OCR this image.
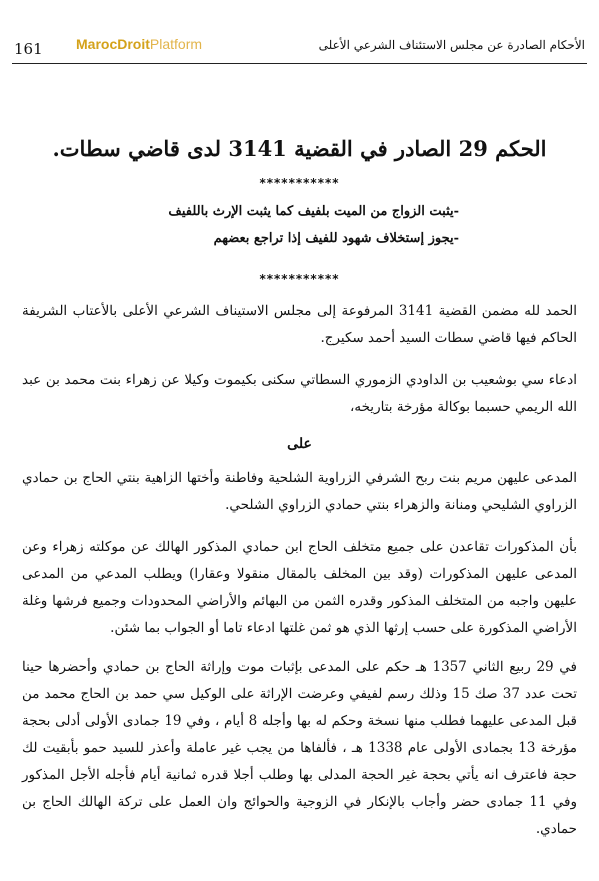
161 MarocDroitPlatform	الأحكام الصادرة عن مجلس الاستئناف الشرعي الأعلى
الحكم 29 الصادر في القضية 3141 لدى قاضي سطات.
***********
-يثبت الزواج من الميت بلفيف كما يثبت الإرث باللفيف
-يجوز إستخلاف شهود للفيف إذا تراجع بعضهم
***********
الحمد لله مضمن القضية 3141 المرفوعة إلى مجلس الاستيناف الشرعي الأعلى بالأعتاب الشريفة الحاكم فيها قاضي سطات السيد أحمد سكيرج.
ادعاء سي بوشعيب بن الداودي الزموري السطاتي سكنى بكيموت وكيلا عن زهراء بنت محمد بن عبد الله الريمي حسبما بوكالة مؤرخة بتاريخه،
على
المدعى عليهن مريم بنت ربح الشرفي الزراوية الشلحية وفاطنة وأختها الزاهية بنتي الحاج بن حمادي الزراوي الشليحي ومنانة والزهراء بنتي حمادي الزراوي الشلحي.
بأن المذكورات تقاعدن على جميع متخلف الحاج ابن حمادي المذكور الهالك عن موكلته زهراء وعن المدعى عليهن المذكورات (وقد بين المخلف بالمقال منقولا وعقارا) ويطلب المدعي من المدعى عليهن واجبه من المتخلف المذكور وقدره الثمن من البهائم والأراضي المحدودات وجميع فرشها وغلة الأراضي المذكورة على حسب إرثها الذي هو ثمن غلتها ادعاء تاما أو الجواب بما شئن.
في 29 ربيع الثاني 1357 هـ حكم على المدعى بإثبات موت وإراثة الحاج بن حمادي وأحضرها حينا تحت عدد 37 صك 15 وذلك رسم لفيفي وعرضت الإراثة على الوكيل سي حمد بن الحاج محمد من قبل المدعى عليهما فطلب منها نسخة وحكم له بها وأجله 8 أيام ، وفي 19 جمادى الأولى أدلى بحجة مؤرخة 13 بجمادى الأولى عام 1338 هـ ، فألفاها من يجب غير عاملة وأعذر للسيد حمو بأبقيت لك حجة فاعترف انه يأتي بحجة غير الحجة المدلى بها وطلب أجلا قدره ثمانية أيام فأجله الأجل المذكور وفي 11 جمادى حضر وأجاب بالإنكار في الزوجية والحوائج وان العمل على تركة الهالك الحاج بن حمادي.
